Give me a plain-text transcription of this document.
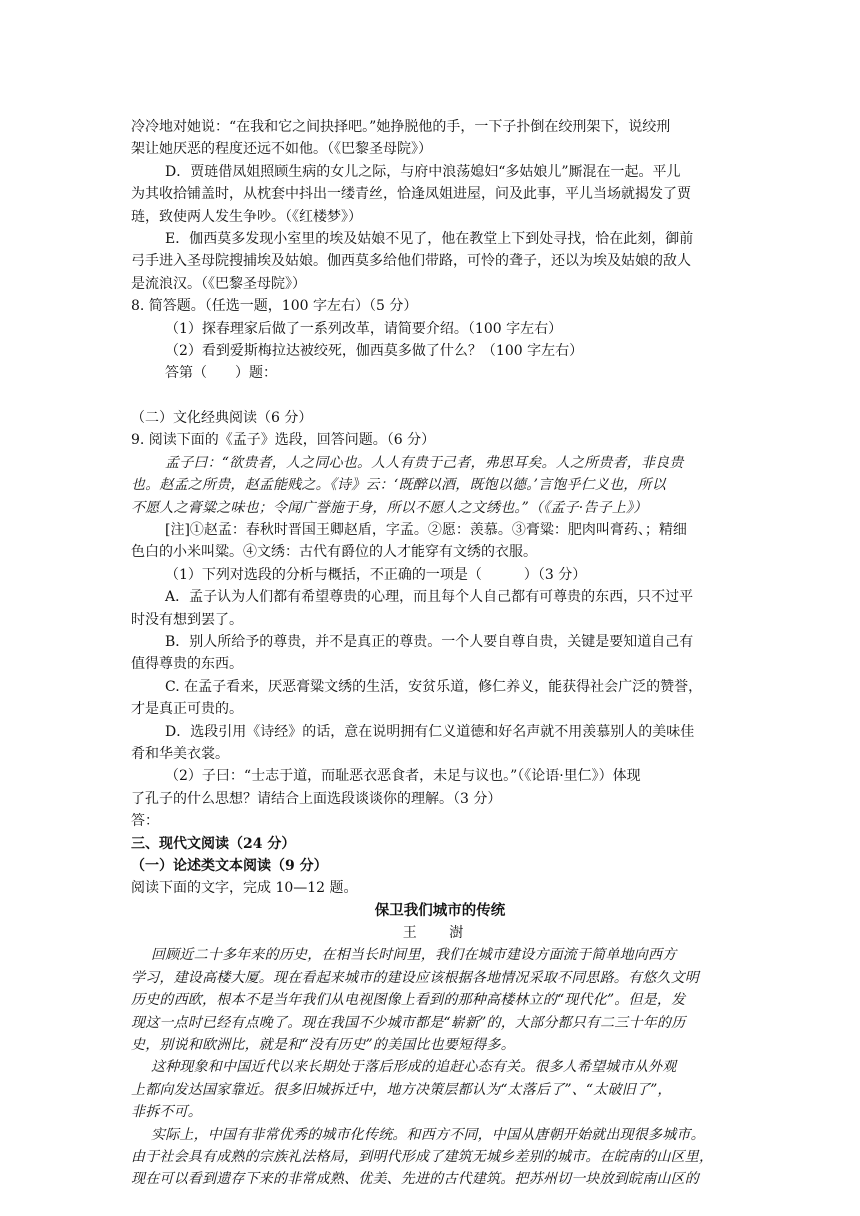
冷冷地对她说：“在我和它之间抉择吧。”她挣脱他的手，一下子扑倒在绞刑架下，说绞刑
架让她厌恶的程度还远不如他。（《巴黎圣母院》）
D．贾琏借凤姐照顾生病的女儿之际，与府中浪荡媳妇“多姑娘儿”厮混在一起。平儿
为其收拾铺盖时，从枕套中抖出一缕青丝，恰逢凤姐进屋，问及此事，平儿当场就揭发了贾
琏，致使两人发生争吵。（《红楼梦》）
E．伽西莫多发现小室里的埃及姑娘不见了，他在教堂上下到处寻找，恰在此刻，御前
弓手进入圣母院搜捕埃及姑娘。伽西莫多给他们带路，可怜的聋子，还以为埃及姑娘的敌人
是流浪汉。（《巴黎圣母院》）
8. 简答题。（任选一题，100 字左右）（5 分）
（1）探春理家后做了一系列改革，请简要介绍。（100 字左右）
（2）看到爱斯梅拉达被绞死，伽西莫多做了什么？（100 字左右）
答第（　　）题：
（二）文化经典阅读（6 分）
9. 阅读下面的《孟子》选段，回答问题。（6 分）
孟子曰：“欲贵者，人之同心也。人人有贵于己者，弗思耳矣。人之所贵者，非良贵
也。赵孟之所贵，赵孟能贱之。《诗》云：‘既醉以酒，既饱以德。’言饱乎仁义也，所以
不愿人之膏粱之味也；令闻广誉施于身，所以不愿人之文绣也。”（《孟子·告子上》）
[注]①赵孟：春秋时晋国王卿赵盾，字孟。②愿：羡慕。③膏粱：肥肉叫膏药、；精细
色白的小米叫粱。④文绣：古代有爵位的人才能穿有文绣的衣服。
（1）下列对选段的分析与概括，不正确的一项是（　　　）（3 分）
A．孟子认为人们都有希望尊贵的心理，而且每个人自己都有可尊贵的东西，只不过平
时没有想到罢了。
B．别人所给予的尊贵，并不是真正的尊贵。一个人要自尊自贵，关键是要知道自己有
值得尊贵的东西。
C. 在孟子看来，厌恶膏粱文绣的生活，安贫乐道，修仁养义，能获得社会广泛的赞誉，
才是真正可贵的。
D．选段引用《诗经》的话，意在说明拥有仁义道德和好名声就不用羡慕别人的美味佳
肴和华美衣裳。
（2）子曰：“士志于道，而耻恶衣恶食者，未足与议也。”（《论语·里仁》）体现
了孔子的什么思想？请结合上面选段谈谈你的理解。（3 分）
答：
三、现代文阅读（24 分）
（一）论述类文本阅读（9 分）
阅读下面的文字，完成 10—12 题。
保卫我们城市的传统
王 澍
回顾近二十多年来的历史，在相当长时间里，我们在城市建设方面流于简单地向西方
学习，建设高楼大厦。现在看起来城市的建设应该根据各地情况采取不同思路。有悠久文明
历史的西欧，根本不是当年我们从电视图像上看到的那种高楼林立的“现代化”。但是，发
现这一点时已经有点晚了。现在我国不少城市都是“崭新”的，大部分都只有二三十年的历
史，别说和欧洲比，就是和“没有历史”的美国比也要短得多。
这种现象和中国近代以来长期处于落后形成的追赶心态有关。很多人希望城市从外观
上都向发达国家靠近。很多旧城拆迁中，地方决策层都认为“太落后了”、“太破旧了”，
非拆不可。
实际上，中国有非常优秀的城市化传统。和西方不同，中国从唐朝开始就出现很多城市。
由于社会具有成熟的宗族礼法格局，到明代形成了建筑无城乡差别的城市。在皖南的山区里，
现在可以看到遗存下来的非常成熟、优美、先进的古代建筑。把苏州切一块放到皖南山区的
